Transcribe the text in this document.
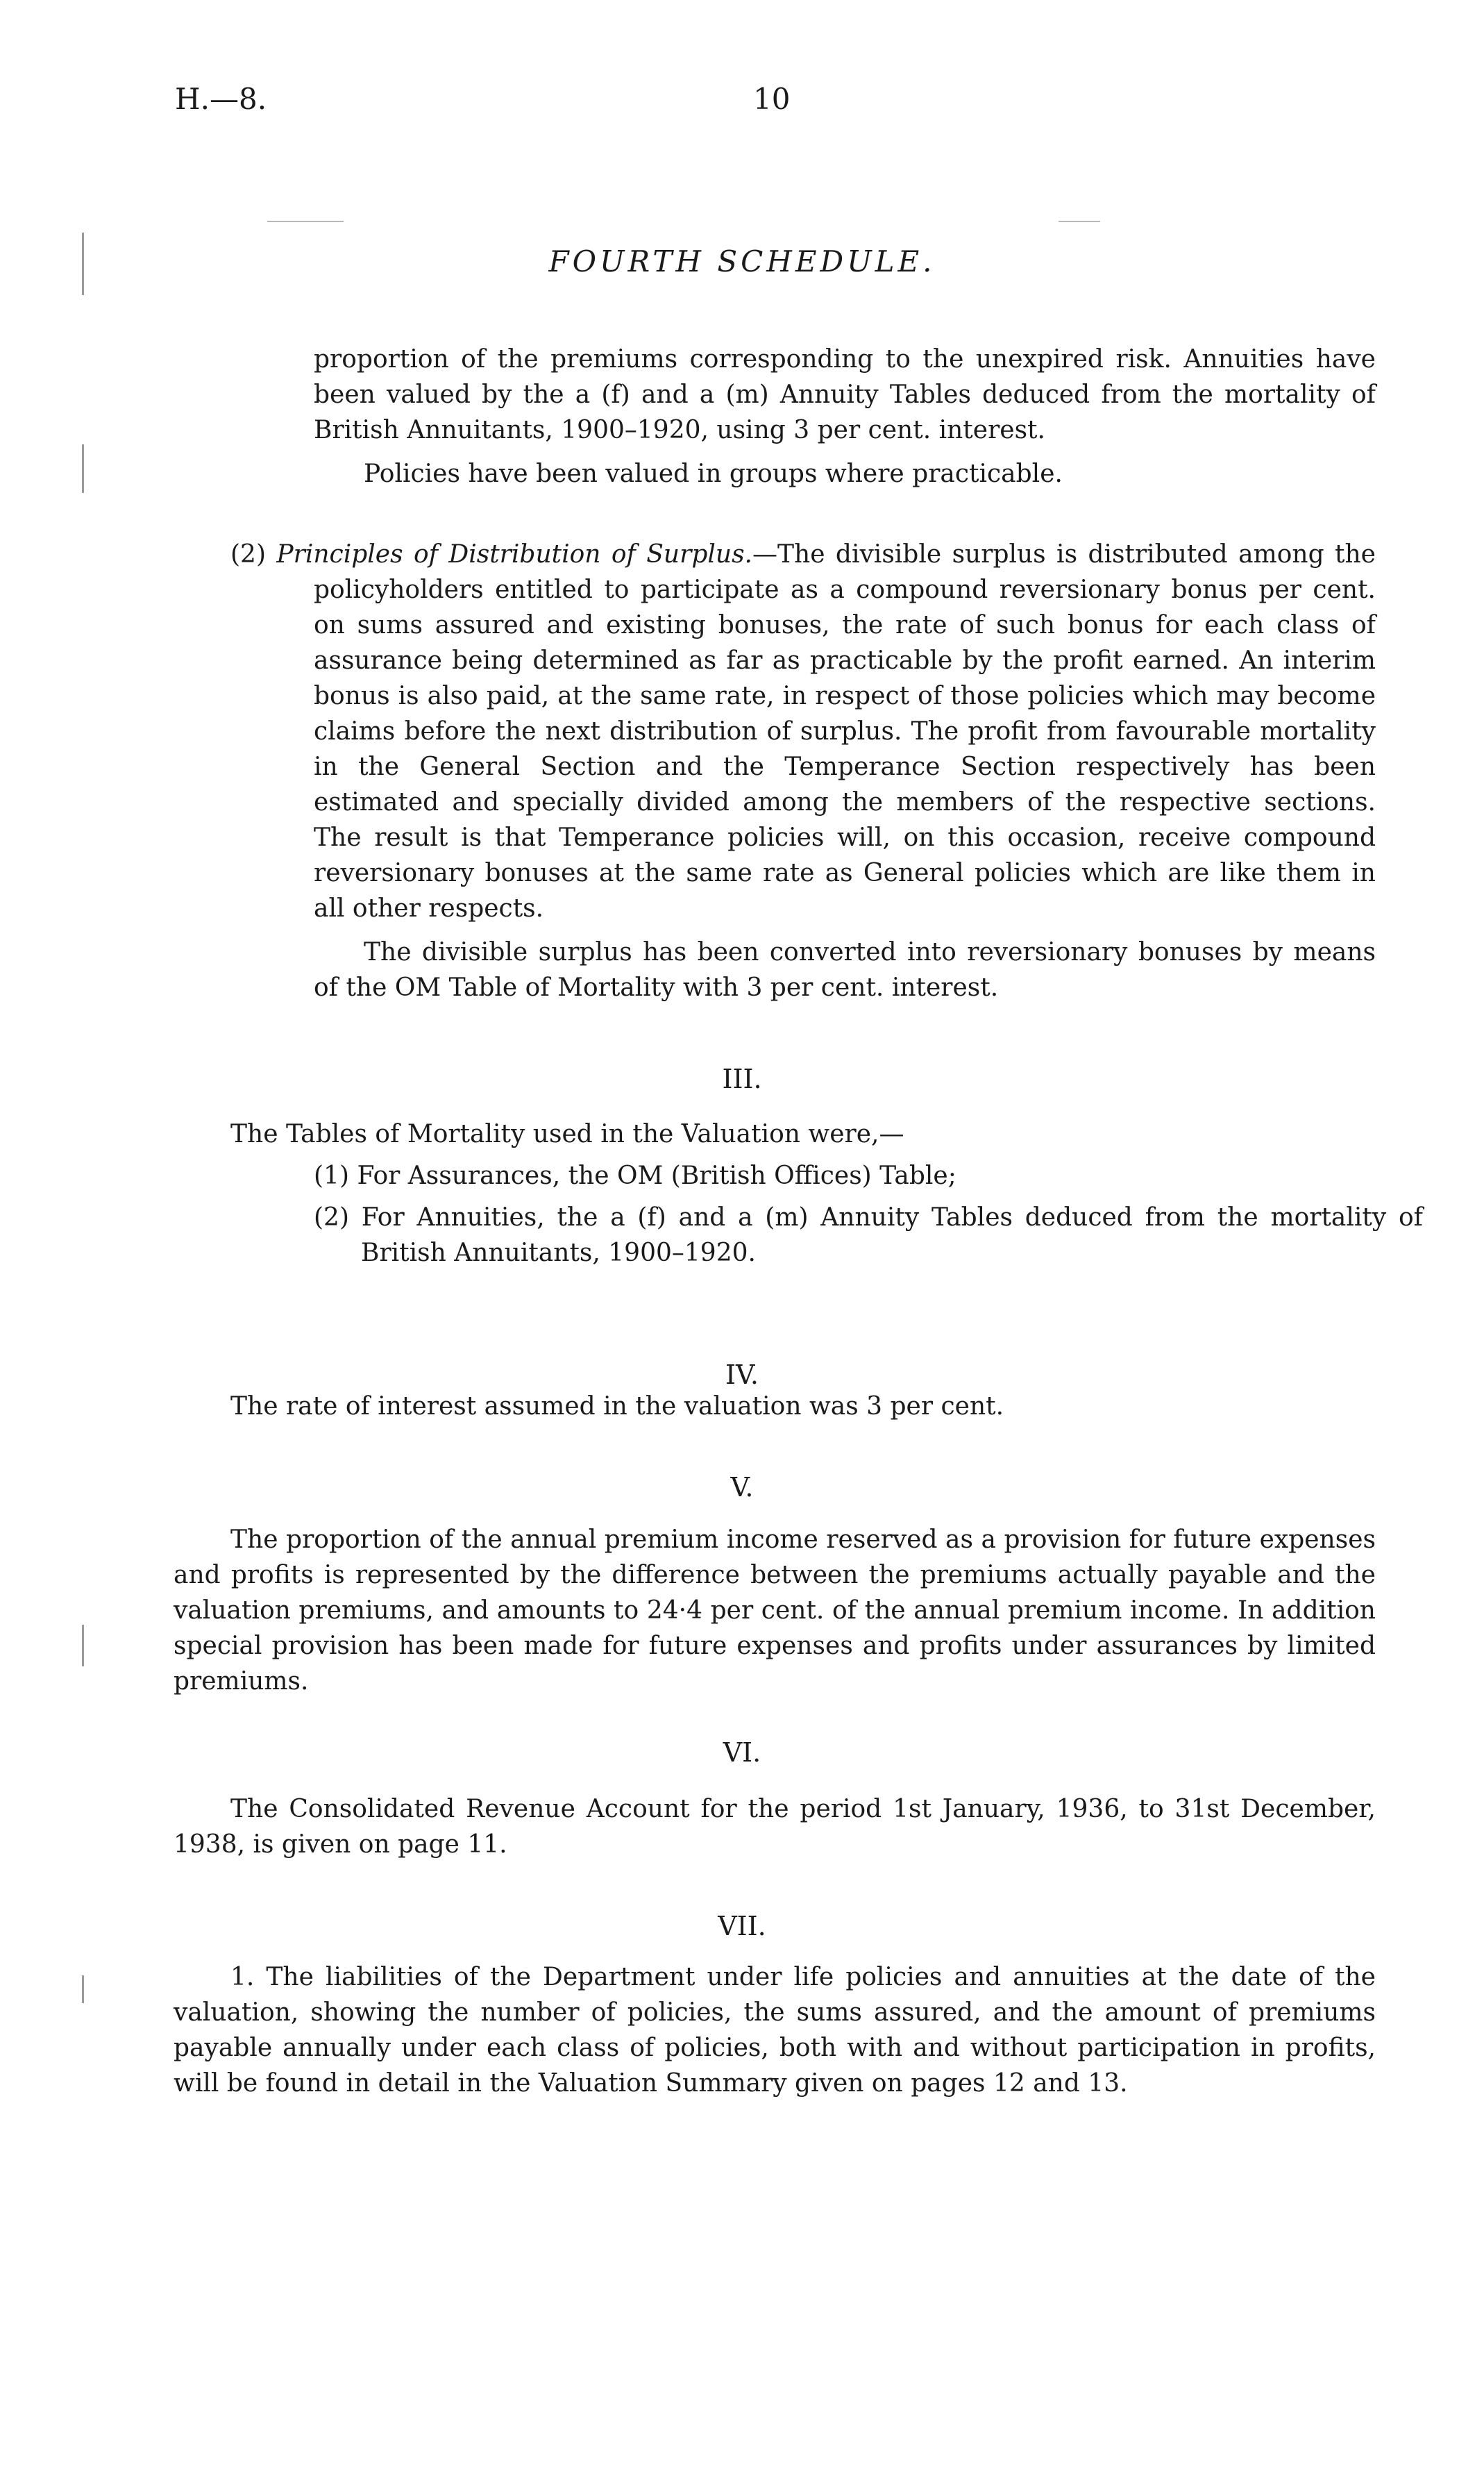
H.—8.	10
FOURTH SCHEDULE.

proportion of the premiums corresponding to the unexpired risk. Annuities have been valued by the a (f) and a (m) Annuity Tables deduced from the mortality of British Annuitants, 1900–1920, using 3 per cent. interest.

Policies have been valued in groups where practicable.

(2) Principles of Distribution of Surplus.—The divisible surplus is distributed among the policyholders entitled to participate as a compound reversionary bonus per cent. on sums assured and existing bonuses, the rate of such bonus for each class of assurance being determined as far as practicable by the profit earned. An interim bonus is also paid, at the same rate, in respect of those policies which may become claims before the next distribution of surplus. The profit from favourable mortality in the General Section and the Temperance Section respectively has been estimated and specially divided among the members of the respective sections. The result is that Temperance policies will, on this occasion, receive compound reversionary bonuses at the same rate as General policies which are like them in all other respects.

The divisible surplus has been converted into reversionary bonuses by means of the OM Table of Mortality with 3 per cent. interest.

III.
The Tables of Mortality used in the Valuation were,—
(1) For Assurances, the OM (British Offices) Table;
(2) For Annuities, the a (f) and a (m) Annuity Tables deduced from the mortality of British Annuitants, 1900–1920.
IV.
The rate of interest assumed in the valuation was 3 per cent.
V.
The proportion of the annual premium income reserved as a provision for future expenses and profits is represented by the difference between the premiums actually payable and the valuation premiums, and amounts to 24·4 per cent. of the annual premium income. In addition special provision has been made for future expenses and profits under assurances by limited premiums.
VI.
The Consolidated Revenue Account for the period 1st January, 1936, to 31st December, 1938, is given on page 11.
VII.
1. The liabilities of the Department under life policies and annuities at the date of the valuation, showing the number of policies, the sums assured, and the amount of premiums payable annually under each class of policies, both with and without participation in profits, will be found in detail in the Valuation Summary given on pages 12 and 13.
